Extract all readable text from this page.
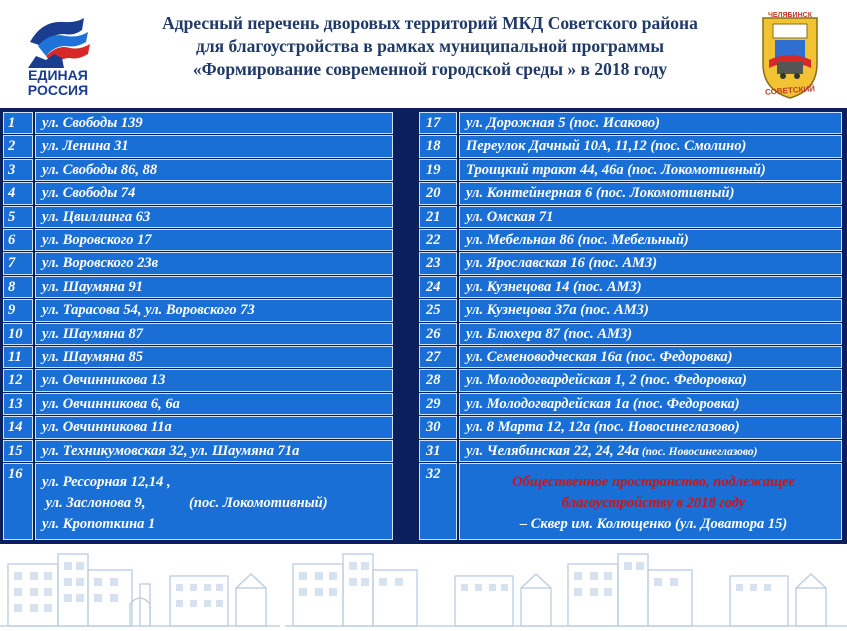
ЕДИНАЯ
РОССИЯ
Адресный перечень дворовых территорий МКД Советского района
для благоустройства в рамках муниципальной программы
«Формирование современной городской среды » в 2018 году
ЧЕЛЯБИНСК
СОВЕТСКИЙ
1	ул. Свободы 139
2	ул. Ленина 31
3	ул. Свободы 86, 88
4	ул. Свободы 74
5	ул. Цвиллинга 63
6	ул. Воровского 17
7	ул. Воровского 23в
8	ул. Шаумяна 91
9	ул. Тарасова 54, ул. Воровского 73
10	ул. Шаумяна 87
11	ул. Шаумяна 85
12	ул. Овчинникова 13
13	ул. Овчинникова 6, 6а
14	ул. Овчинникова 11а
15	ул. Техникумовская 32, ул. Шаумяна 71а
16	ул. Рессорная 12,14 ,
ул. Заслонова 9,            (пос. Локомотивный)
ул. Кропоткина 1
17	ул. Дорожная 5 (пос. Исаково)
18	Переулок Дачный 10А, 11,12 (пос. Смолино)
19	Троицкий тракт 44, 46а (пос. Локомотивный)
20	ул. Контейнерная 6 (пос. Локомотивный)
21	ул. Омская 71
22	ул. Мебельная 86 (пос. Мебельный)
23	ул. Ярославская 16 (пос. АМЗ)
24	ул. Кузнецова 14 (пос. АМЗ)
25	ул. Кузнецова 37а (пос. АМЗ)
26	ул. Блюхера 87 (пос. АМЗ)
27	ул. Семеноводческая 16а (пос. Федоровка)
28	ул. Молодогвардейская 1, 2 (пос. Федоровка)
29	ул. Молодогвардейская 1а (пос. Федоровка)
30	ул. 8 Марта 12, 12а (пос. Новосинеглазово)
31	ул. Челябинская 22, 24, 24а (пос. Новосинеглазово)
32	Общественное пространство, подлежащее
благоустройству в 2018 году
– Сквер им. Колющенко (ул. Доватора 15)
